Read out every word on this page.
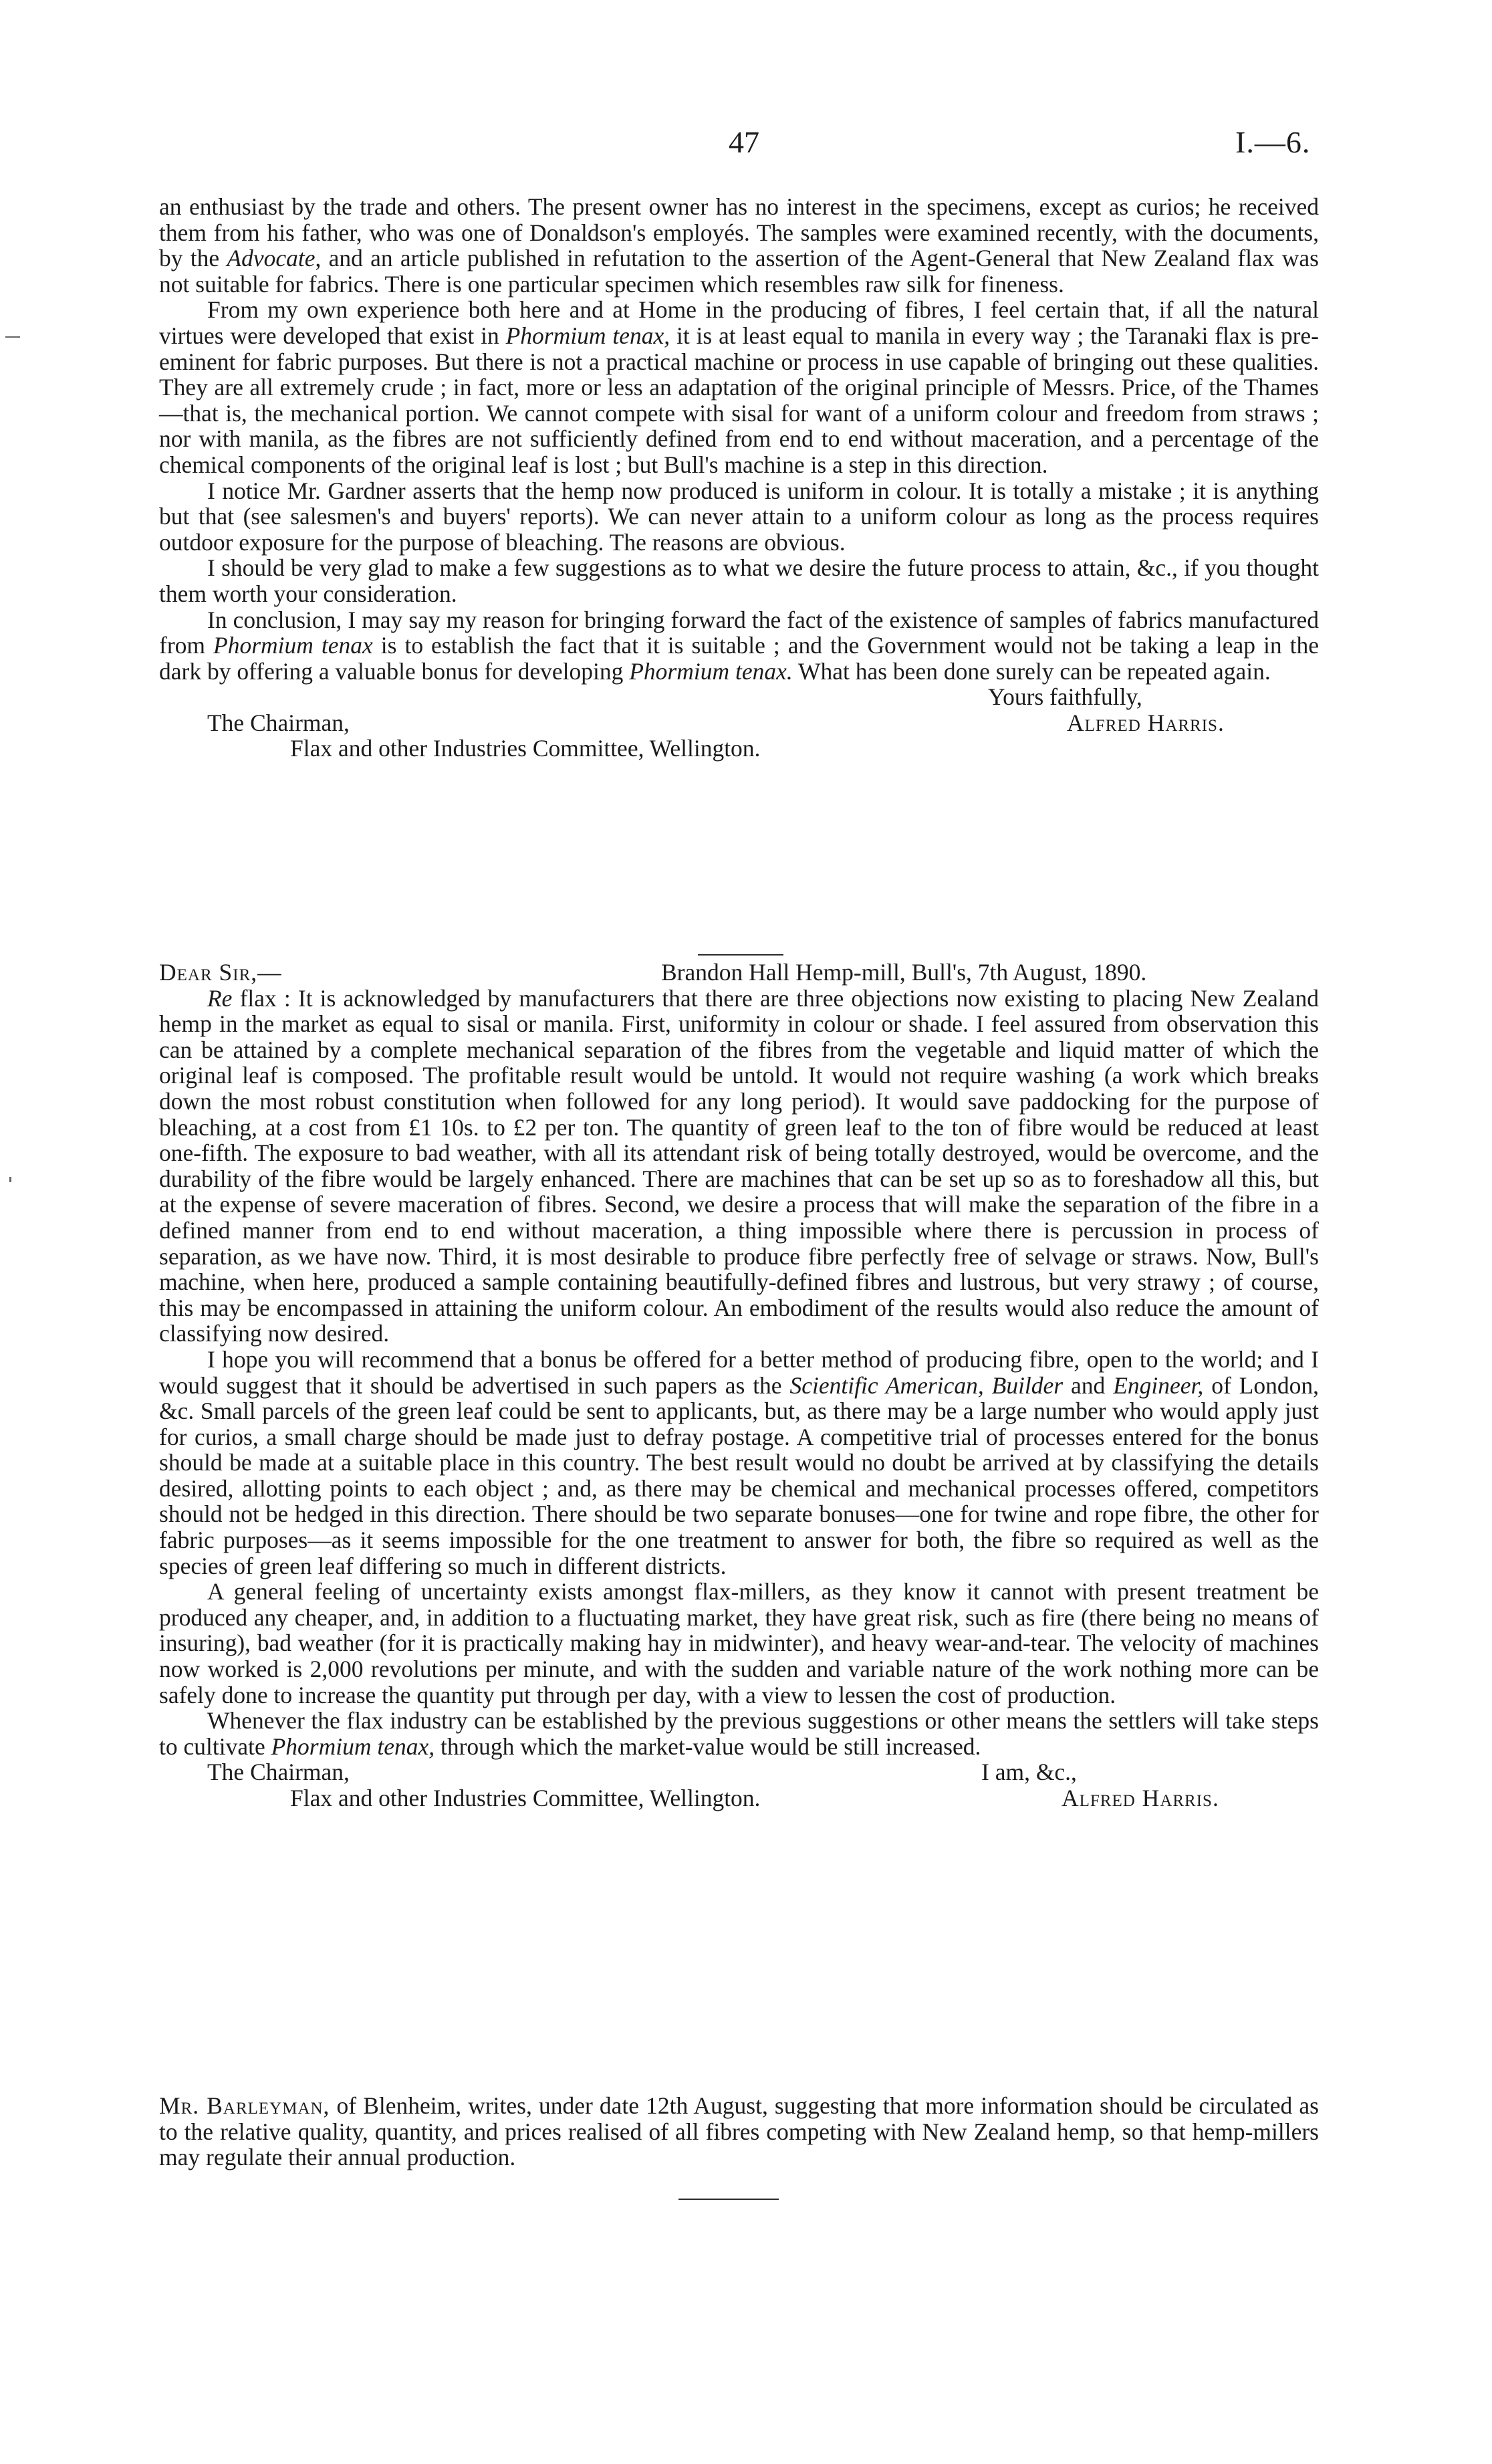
47	I.—6.

an enthusiast by the trade and others. The present owner has no interest in the specimens, except as curios; he received them from his father, who was one of Donaldson's employés. The samples were examined recently, with the documents, by the Advocate, and an article published in refutation to the assertion of the Agent-General that New Zealand flax was not suitable for fabrics. There is one particular specimen which resembles raw silk for fineness.

From my own experience both here and at Home in the producing of fibres, I feel certain that, if all the natural virtues were developed that exist in Phormium tenax, it is at least equal to manila in every way ; the Taranaki flax is pre-eminent for fabric purposes. But there is not a practical machine or process in use capable of bringing out these qualities. They are all extremely crude ; in fact, more or less an adaptation of the original principle of Messrs. Price, of the Thames—that is, the mechanical portion. We cannot compete with sisal for want of a uniform colour and freedom from straws ; nor with manila, as the fibres are not sufficiently defined from end to end without maceration, and a percentage of the chemical components of the original leaf is lost ; but Bull's machine is a step in this direction.

I notice Mr. Gardner asserts that the hemp now produced is uniform in colour. It is totally a mistake ; it is anything but that (see salesmen's and buyers' reports). We can never attain to a uniform colour as long as the process requires outdoor exposure for the purpose of bleaching. The reasons are obvious.

I should be very glad to make a few suggestions as to what we desire the future process to attain, &c., if you thought them worth your consideration.

In conclusion, I may say my reason for bringing forward the fact of the existence of samples of fabrics manufactured from Phormium tenax is to establish the fact that it is suitable ; and the Government would not be taking a leap in the dark by offering a valuable bonus for developing Phormium tenax. What has been done surely can be repeated again.

Yours faithfully,
The Chairman,	Alfred Harris.
Flax and other Industries Committee, Wellington.
Dear Sir,—	Brandon Hall Hemp-mill, Bull's, 7th August, 1890.

Re flax : It is acknowledged by manufacturers that there are three objections now existing to placing New Zealand hemp in the market as equal to sisal or manila. First, uniformity in colour or shade. I feel assured from observation this can be attained by a complete mechanical separation of the fibres from the vegetable and liquid matter of which the original leaf is composed. The profitable result would be untold. It would not require washing (a work which breaks down the most robust constitution when followed for any long period). It would save paddocking for the purpose of bleaching, at a cost from £1 10s. to £2 per ton. The quantity of green leaf to the ton of fibre would be reduced at least one-fifth. The exposure to bad weather, with all its attendant risk of being totally destroyed, would be overcome, and the durability of the fibre would be largely enhanced. There are machines that can be set up so as to foreshadow all this, but at the expense of severe maceration of fibres. Second, we desire a process that will make the separation of the fibre in a defined manner from end to end without maceration, a thing impossible where there is percussion in process of separation, as we have now. Third, it is most desirable to produce fibre perfectly free of selvage or straws. Now, Bull's machine, when here, produced a sample containing beautifully-defined fibres and lustrous, but very strawy ; of course, this may be encompassed in attaining the uniform colour. An embodiment of the results would also reduce the amount of classifying now desired.

I hope you will recommend that a bonus be offered for a better method of producing fibre, open to the world; and I would suggest that it should be advertised in such papers as the Scientific American, Builder and Engineer, of London, &c. Small parcels of the green leaf could be sent to applicants, but, as there may be a large number who would apply just for curios, a small charge should be made just to defray postage. A competitive trial of processes entered for the bonus should be made at a suitable place in this country. The best result would no doubt be arrived at by classifying the details desired, allotting points to each object ; and, as there may be chemical and mechanical processes offered, competitors should not be hedged in this direction. There should be two separate bonuses—one for twine and rope fibre, the other for fabric purposes—as it seems impossible for the one treatment to answer for both, the fibre so required as well as the species of green leaf differing so much in different districts.

A general feeling of uncertainty exists amongst flax-millers, as they know it cannot with present treatment be produced any cheaper, and, in addition to a fluctuating market, they have great risk, such as fire (there being no means of insuring), bad weather (for it is practically making hay in midwinter), and heavy wear-and-tear. The velocity of machines now worked is 2,000 revolutions per minute, and with the sudden and variable nature of the work nothing more can be safely done to increase the quantity put through per day, with a view to lessen the cost of production.

Whenever the flax industry can be established by the previous suggestions or other means the settlers will take steps to cultivate Phormium tenax, through which the market-value would be still increased.

The Chairman,	I am, &c.,
Flax and other Industries Committee, Wellington.	Alfred Harris.

Mr. Barleyman, of Blenheim, writes, under date 12th August, suggesting that more information should be circulated as to the relative quality, quantity, and prices realised of all fibres competing with New Zealand hemp, so that hemp-millers may regulate their annual production.
